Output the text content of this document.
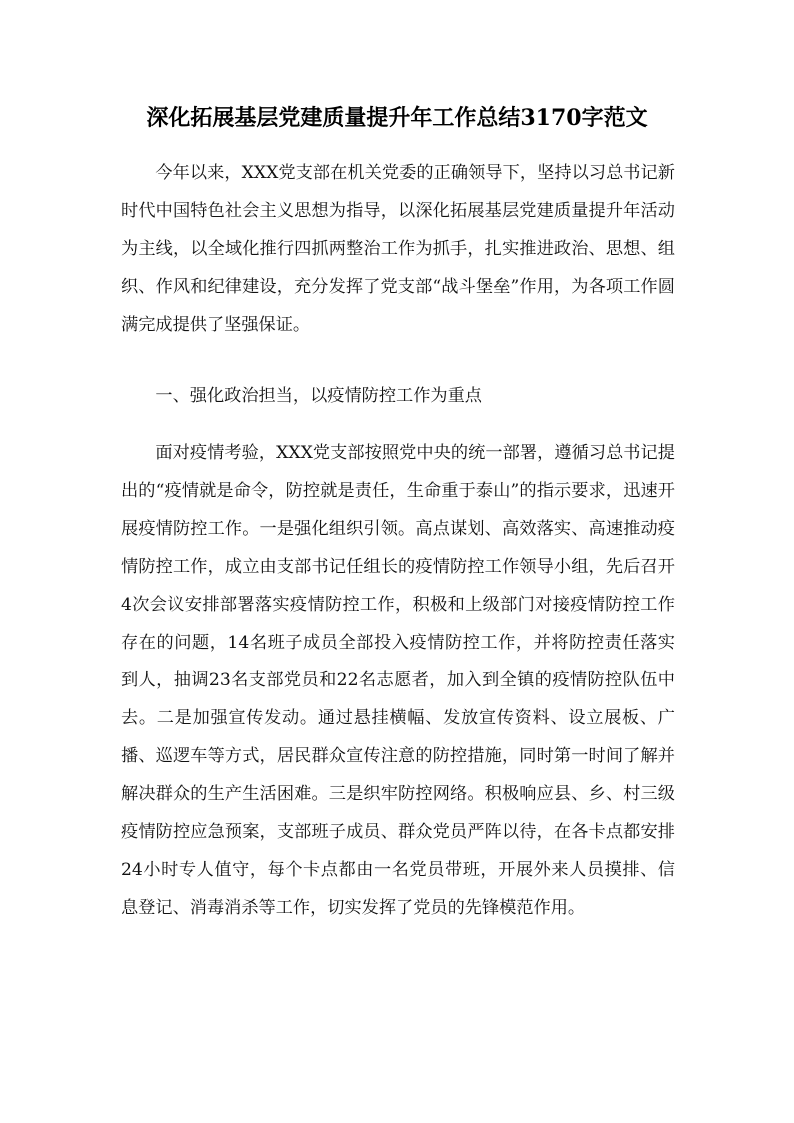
深化拓展基层党建质量提升年工作总结3170字范文

今年以来，XXX党支部在机关党委的正确领导下，坚持以习总书记新时代中国特色社会主义思想为指导，以深化拓展基层党建质量提升年活动为主线，以全域化推行四抓两整治工作为抓手，扎实推进政治、思想、组织、作风和纪律建设，充分发挥了党支部“战斗堡垒”作用，为各项工作圆满完成提供了坚强保证。

一、强化政治担当，以疫情防控工作为重点

面对疫情考验，XXX党支部按照党中央的统一部署，遵循习总书记提出的“疫情就是命令，防控就是责任，生命重于泰山”的指示要求，迅速开展疫情防控工作。一是强化组织引领。高点谋划、高效落实、高速推动疫情防控工作，成立由支部书记任组长的疫情防控工作领导小组，先后召开4次会议安排部署落实疫情防控工作，积极和上级部门对接疫情防控工作存在的问题，14名班子成员全部投入疫情防控工作，并将防控责任落实到人，抽调23名支部党员和22名志愿者，加入到全镇的疫情防控队伍中去。二是加强宣传发动。通过悬挂横幅、发放宣传资料、设立展板、广播、巡逻车等方式，居民群众宣传注意的防控措施，同时第一时间了解并解决群众的生产生活困难。三是织牢防控网络。积极响应县、乡、村三级疫情防控应急预案，支部班子成员、群众党员严阵以待，在各卡点都安排24小时专人值守，每个卡点都由一名党员带班，开展外来人员摸排、信息登记、消毒消杀等工作，切实发挥了党员的先锋模范作用。
